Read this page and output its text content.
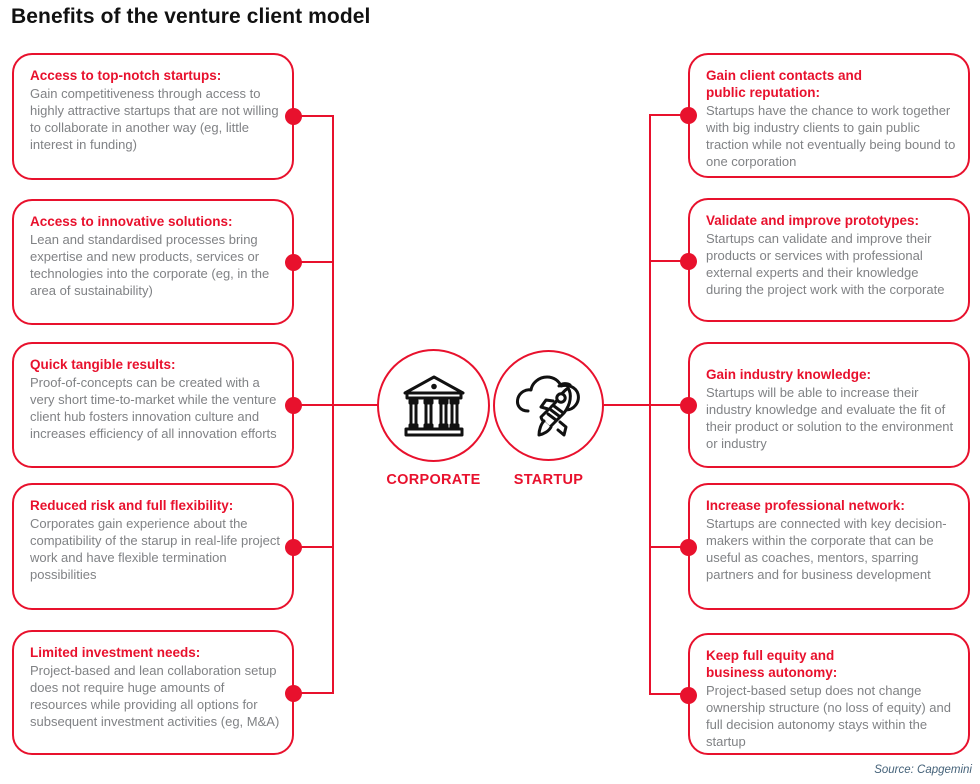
Benefits of the venture client model
Access to top-notch startups:

Gain competitiveness through access to highly attractive startups that are not willing to collaborate in another way (eg, little interest in funding)

Access to innovative solutions:

Lean and standardised processes bring expertise and new products, services or technologies into the corporate (eg, in the area of sustainability)

Quick tangible results:

Proof-of-concepts can be created with a very short time-to-market while the venture client hub fosters innovation culture and increases efficiency of all innovation efforts

Reduced risk and full flexibility:

Corporates gain experience about the compatibility of the starup in real-life project work and have flexible termination possibilities

Limited investment needs:

Project-based and lean collaboration setup does not require huge amounts of resources while providing all options for subsequent investment activities (eg, M&A)

Gain client contacts and public reputation:

Startups have the chance to work together with big industry clients to gain public traction while not eventually being bound to one corporation

Validate and improve prototypes:

Startups can validate and improve their products or services with professional external experts and their knowledge during the project work with the corporate

Gain industry knowledge:

Startups will be able to increase their industry knowledge and evaluate the fit of their product or solution to the environment or industry

Increase professional network:

Startups are connected with key decision-makers within the corporate that can be useful as coaches, mentors, sparring partners and for business development

Keep full equity and business autonomy:

Project-based setup does not change ownership structure (no loss of equity) and full decision autonomy stays within the startup

CORPORATE	STARTUP
Source: Capgemini
